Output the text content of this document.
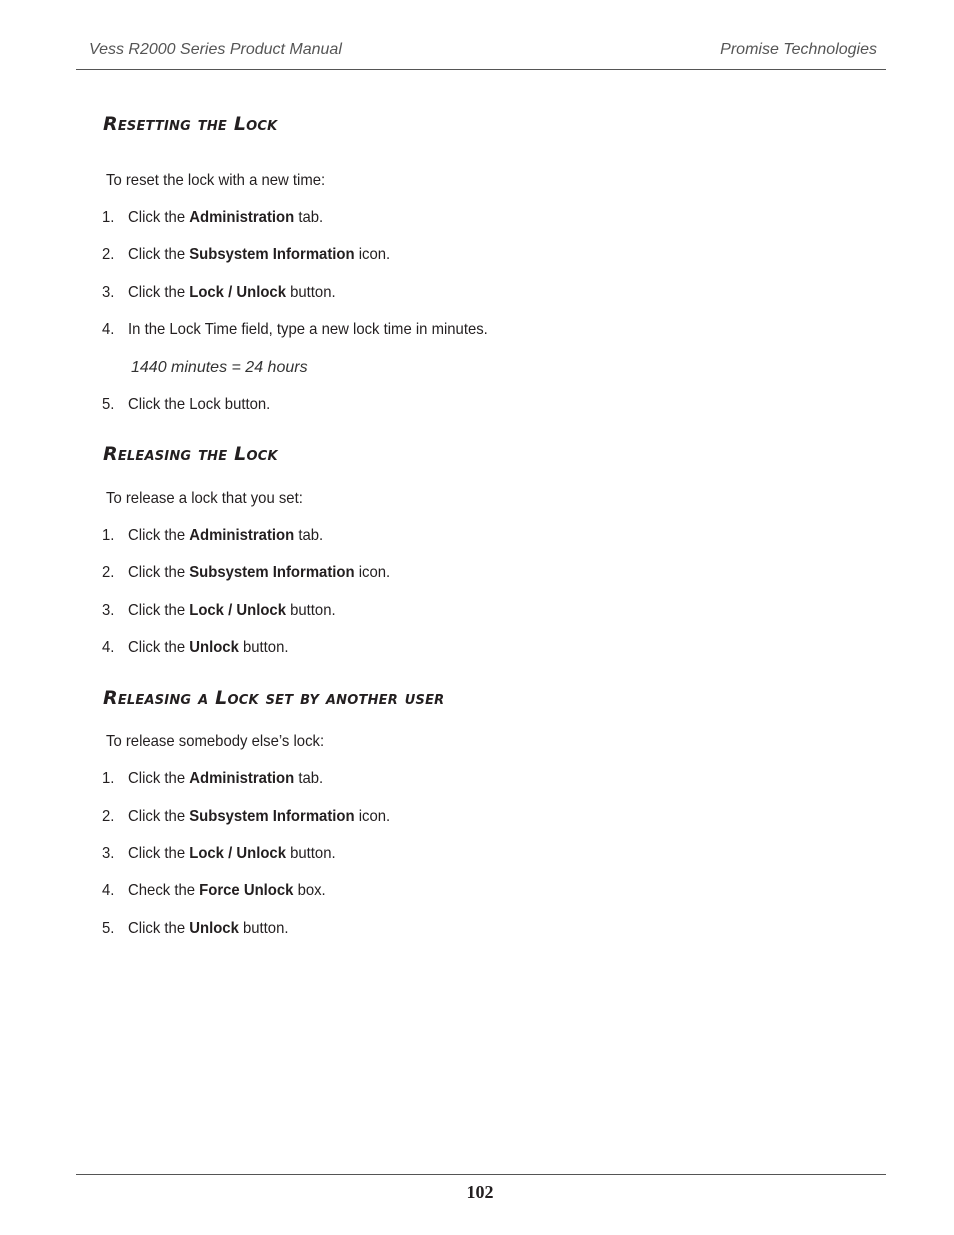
Vess R2000 Series Product Manual	Promise Technologies
Resetting the Lock
To reset the lock with a new time:
1. Click the Administration tab.
2. Click the Subsystem Information icon.
3. Click the Lock / Unlock button.
4. In the Lock Time field, type a new lock time in minutes.
1440 minutes = 24 hours
5. Click the Lock button.
Releasing the Lock
To release a lock that you set:
1. Click the Administration tab.
2. Click the Subsystem Information icon.
3. Click the Lock / Unlock button.
4. Click the Unlock button.
Releasing a Lock set by another user
To release somebody else’s lock:
1. Click the Administration tab.
2. Click the Subsystem Information icon.
3. Click the Lock / Unlock button.
4. Check the Force Unlock box.
5. Click the Unlock button.
102
